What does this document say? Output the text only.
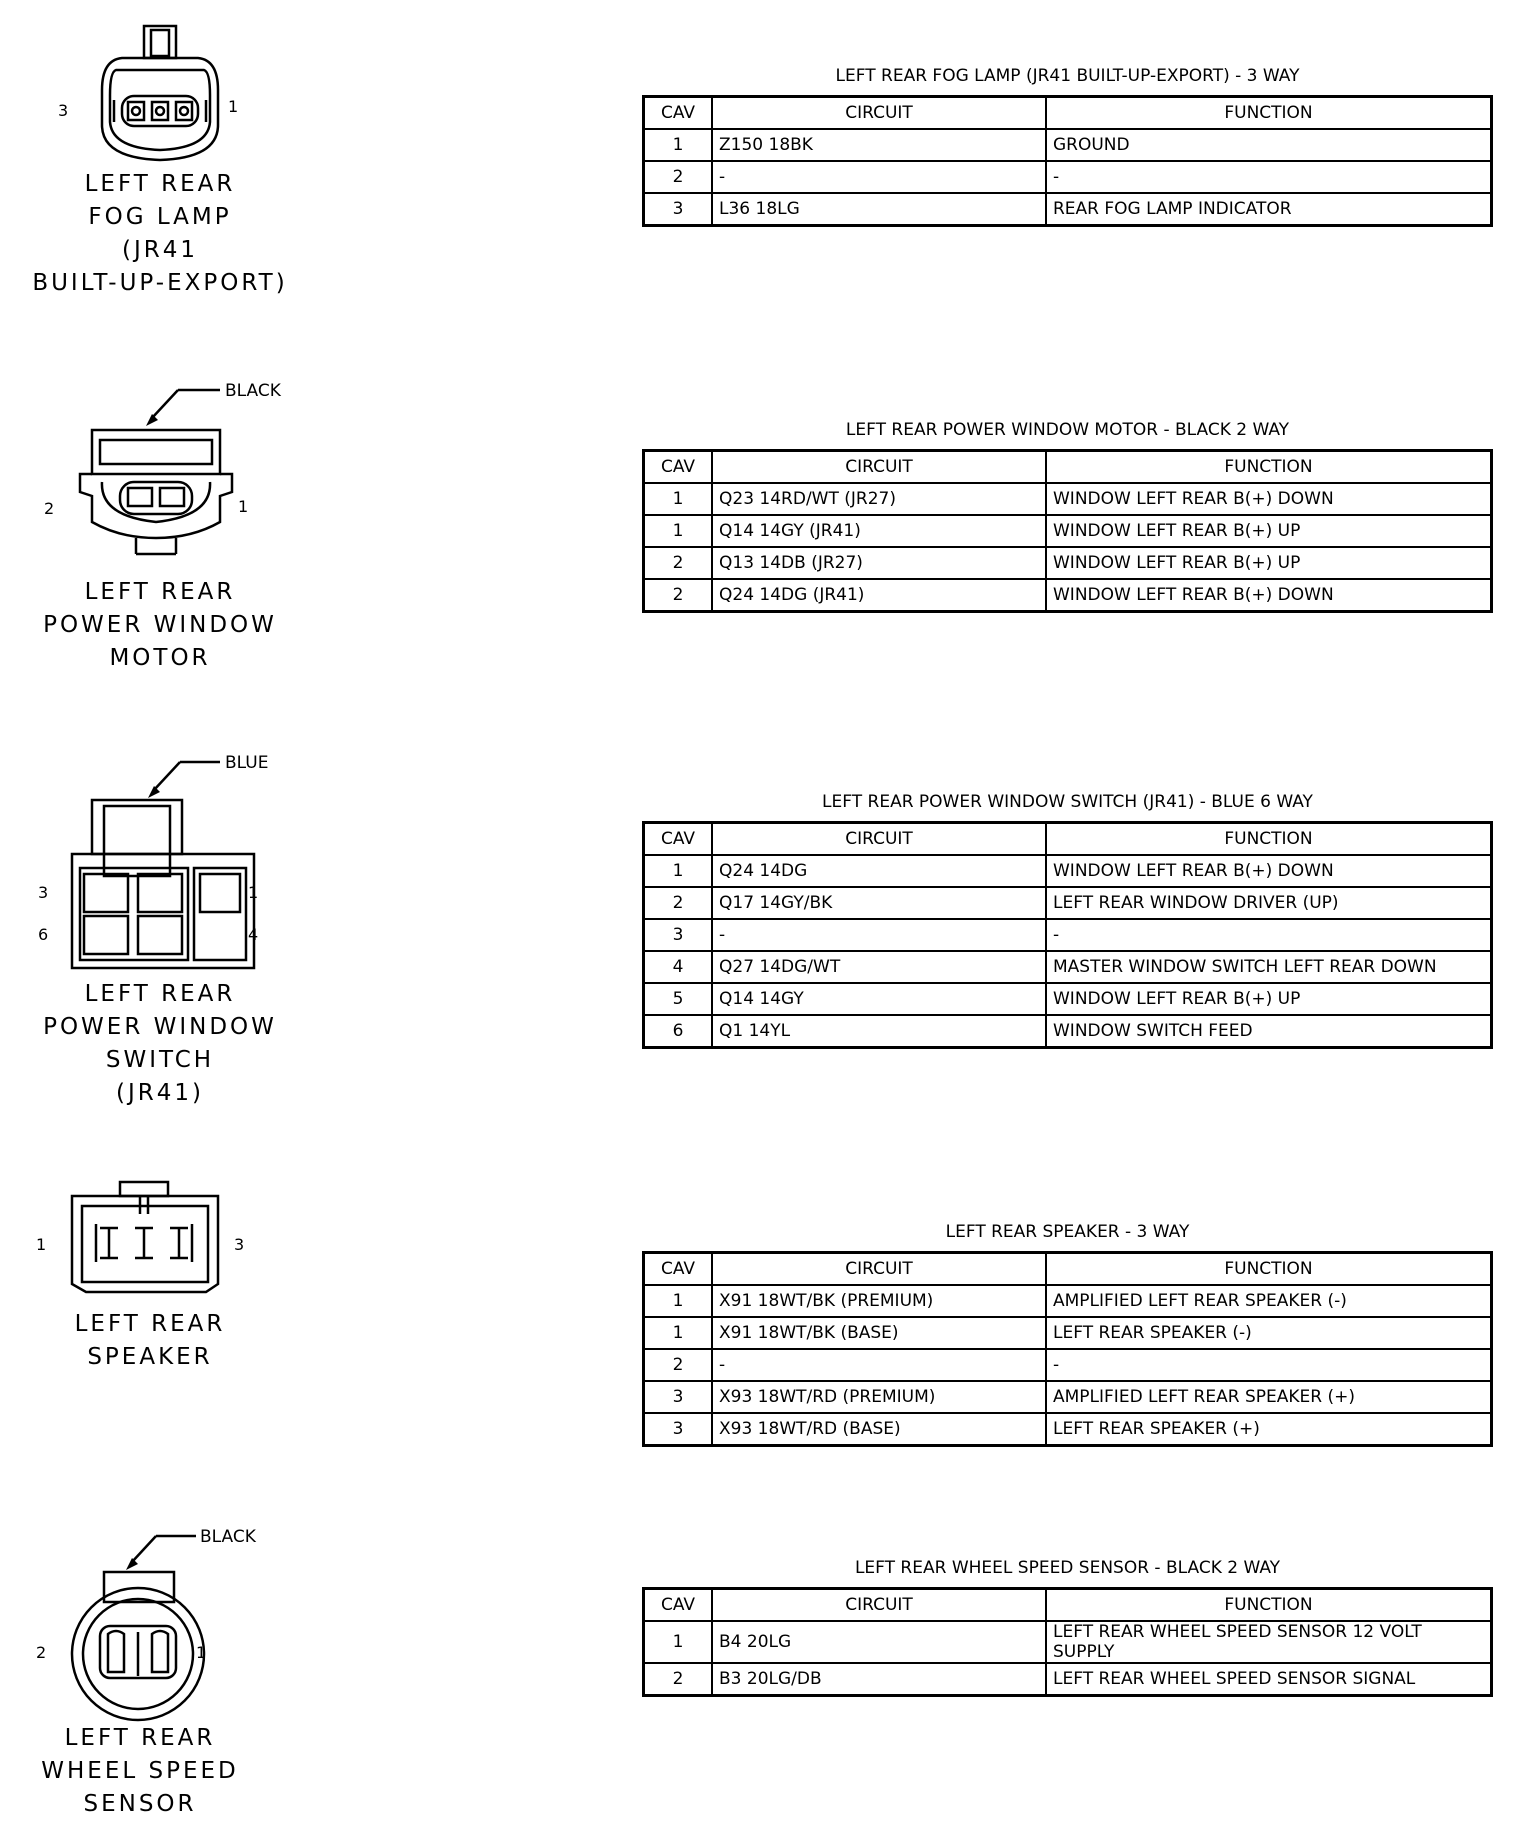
3	1
LEFT REAR
FOG LAMP
(JR41
BUILT-UP-EXPORT)
LEFT REAR FOG LAMP (JR41 BUILT-UP-EXPORT) - 3 WAY
CAV	CIRCUIT	FUNCTION
1	Z150 18BK	GROUND
2	-	-
3	L36 18LG	REAR FOG LAMP INDICATOR
BLACK
2	1
LEFT REAR
POWER WINDOW
MOTOR
LEFT REAR POWER WINDOW MOTOR - BLACK 2 WAY
CAV	CIRCUIT	FUNCTION
1	Q23 14RD/WT (JR27)	WINDOW LEFT REAR B(+) DOWN
1	Q14 14GY (JR41)	WINDOW LEFT REAR B(+) UP
2	Q13 14DB (JR27)	WINDOW LEFT REAR B(+) UP
2	Q24 14DG (JR41)	WINDOW LEFT REAR B(+) DOWN
BLUE
3	1
6	4
LEFT REAR
POWER WINDOW
SWITCH
(JR41)
LEFT REAR POWER WINDOW SWITCH (JR41) - BLUE 6 WAY
CAV	CIRCUIT	FUNCTION
1	Q24 14DG	WINDOW LEFT REAR B(+) DOWN
2	Q17 14GY/BK	LEFT REAR WINDOW DRIVER (UP)
3	-	-
4	Q27 14DG/WT	MASTER WINDOW SWITCH LEFT REAR DOWN
5	Q14 14GY	WINDOW LEFT REAR B(+) UP
6	Q1 14YL	WINDOW SWITCH FEED
1	3
LEFT REAR
SPEAKER
LEFT REAR SPEAKER - 3 WAY
CAV	CIRCUIT	FUNCTION
1	X91 18WT/BK (PREMIUM)	AMPLIFIED LEFT REAR SPEAKER (-)
1	X91 18WT/BK (BASE)	LEFT REAR SPEAKER (-)
2	-	-
3	X93 18WT/RD (PREMIUM)	AMPLIFIED LEFT REAR SPEAKER (+)
3	X93 18WT/RD (BASE)	LEFT REAR SPEAKER (+)
BLACK
2	1
LEFT REAR
WHEEL SPEED
SENSOR
LEFT REAR WHEEL SPEED SENSOR - BLACK 2 WAY
CAV	CIRCUIT	FUNCTION
1	B4 20LG	LEFT REAR WHEEL SPEED SENSOR 12 VOLT SUPPLY
2	B3 20LG/DB	LEFT REAR WHEEL SPEED SENSOR SIGNAL
